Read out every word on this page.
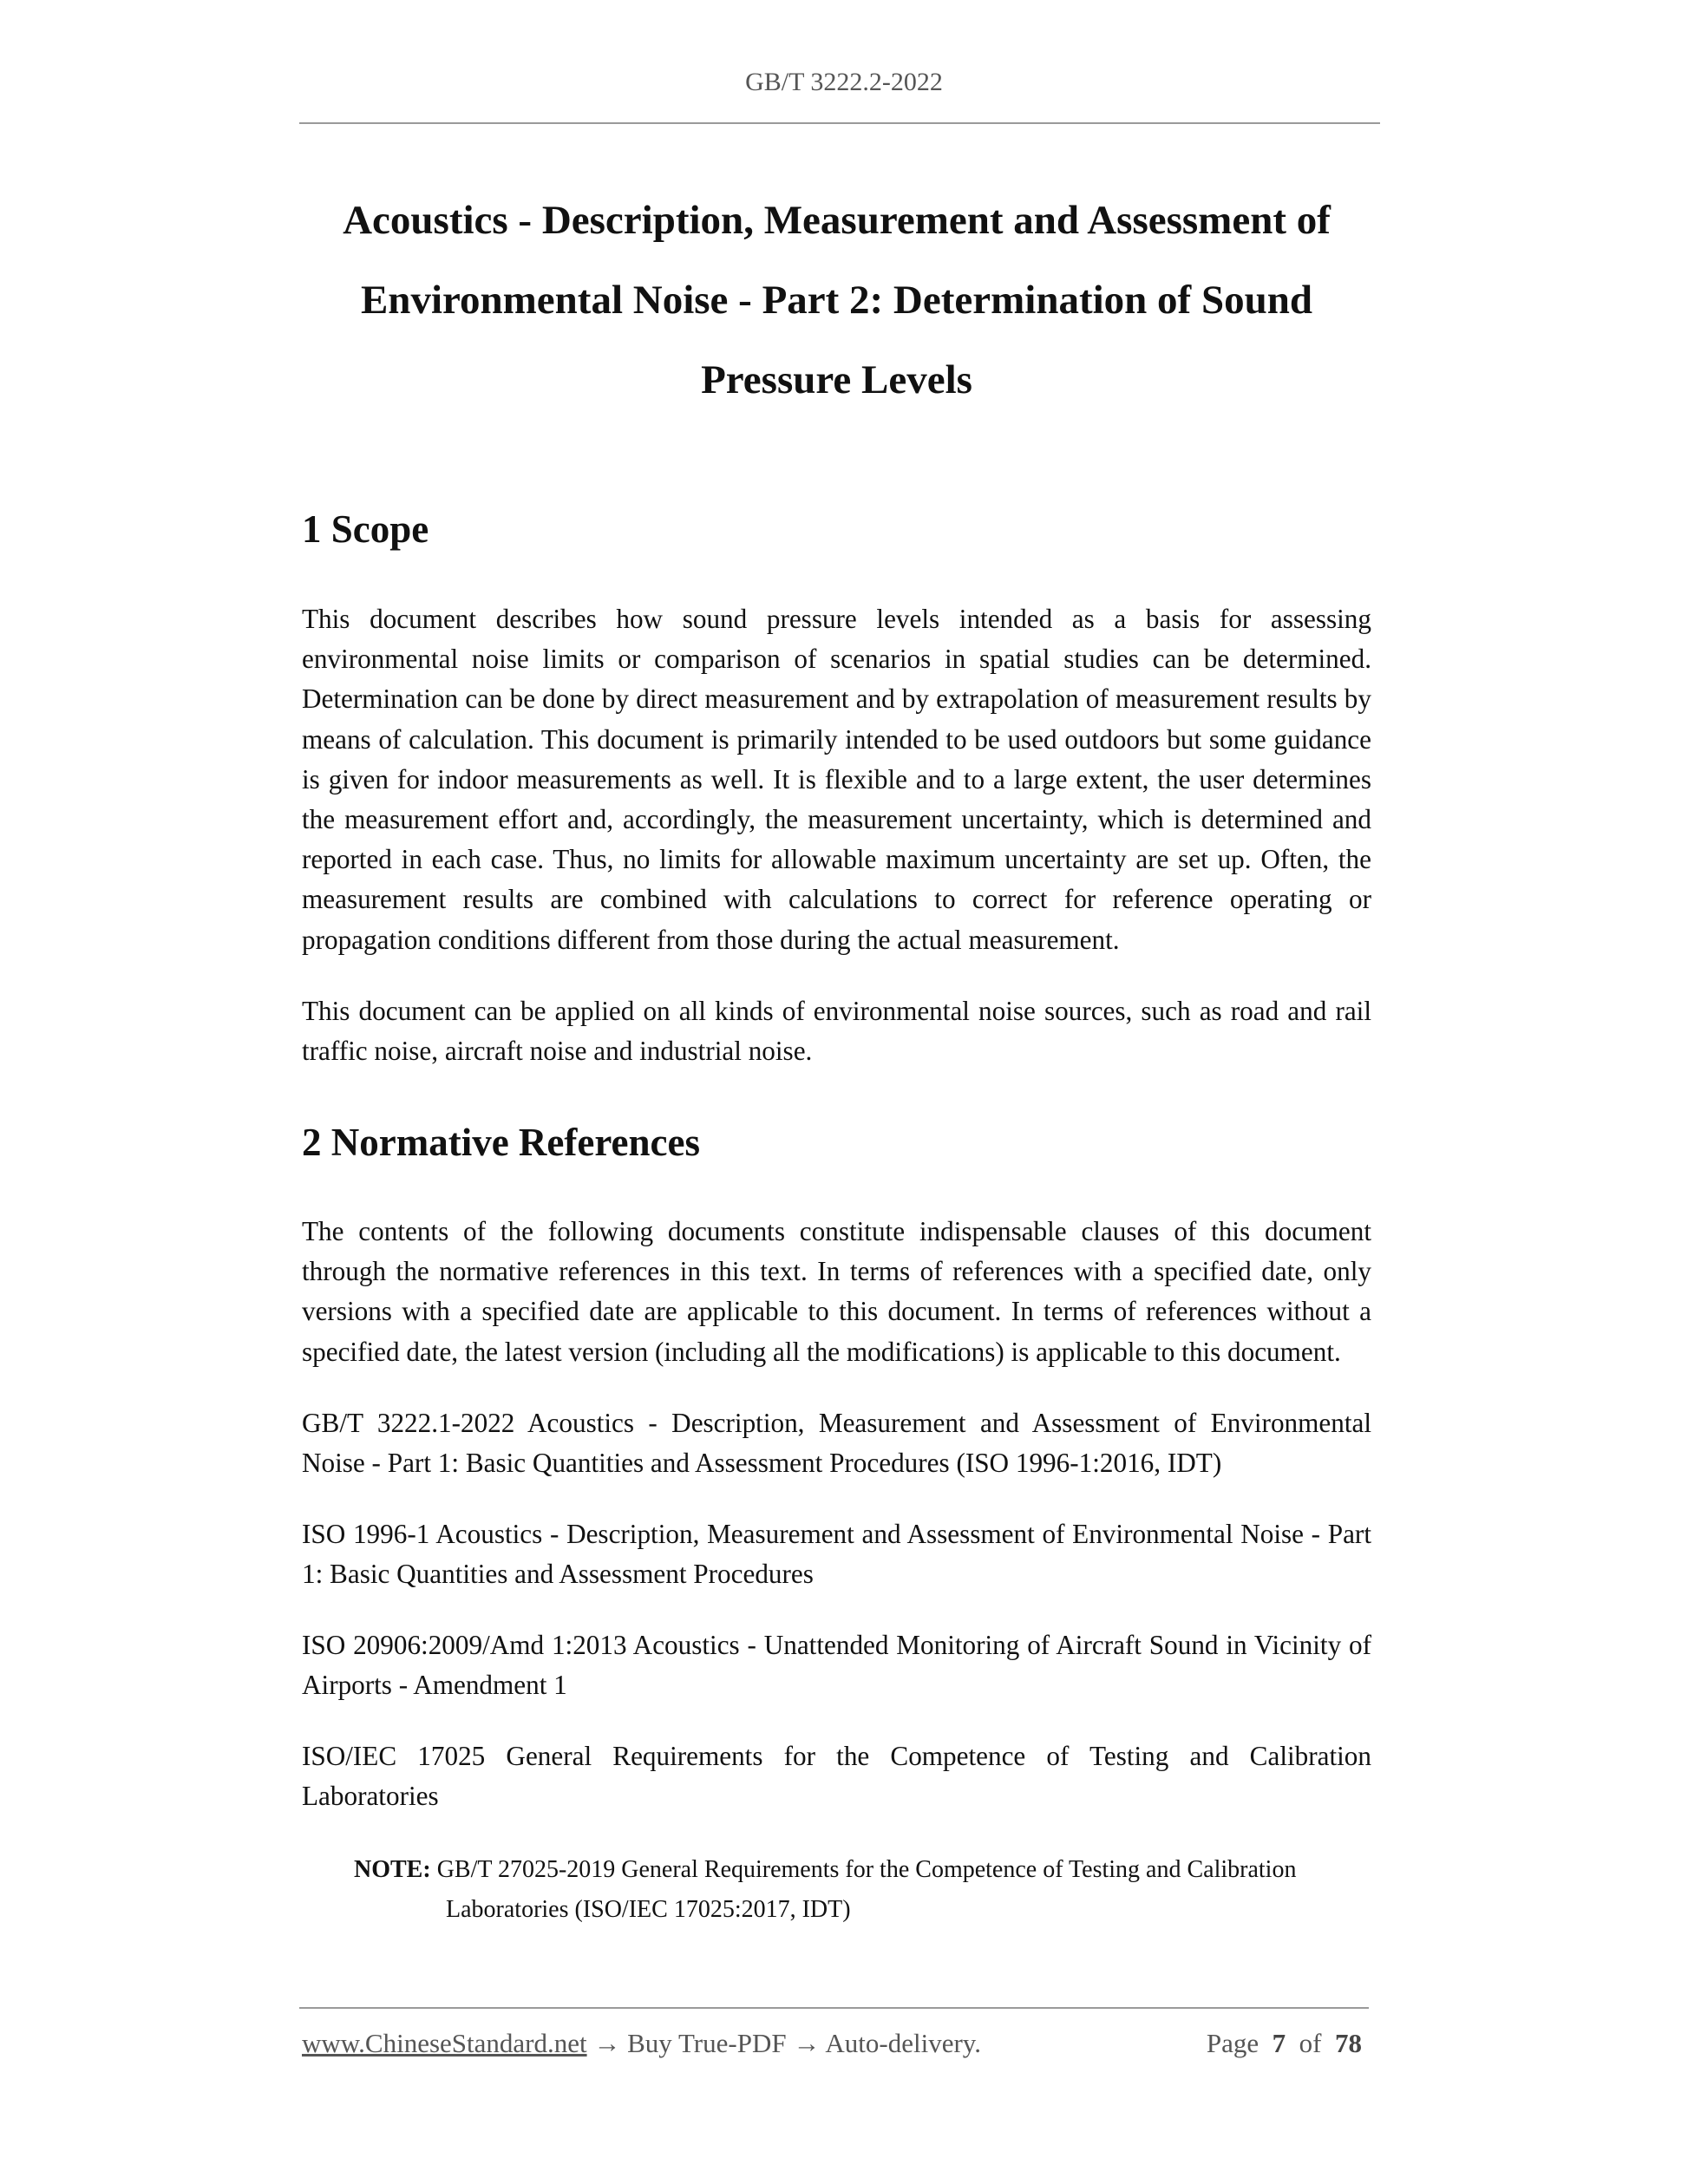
GB/T 3222.2-2022
Acoustics - Description, Measurement and Assessment of
Environmental Noise - Part 2: Determination of Sound
Pressure Levels
1 Scope

This document describes how sound pressure levels intended as a basis for assessing environmental noise limits or comparison of scenarios in spatial studies can be determined. Determination can be done by direct measurement and by extrapolation of measurement results by means of calculation. This document is primarily intended to be used outdoors but some guidance is given for indoor measurements as well. It is flexible and to a large extent, the user determines the measurement effort and, accordingly, the measurement uncertainty, which is determined and reported in each case. Thus, no limits for allowable maximum uncertainty are set up. Often, the measurement results are combined with calculations to correct for reference operating or propagation conditions different from those during the actual measurement.

This document can be applied on all kinds of environmental noise sources, such as road and rail traffic noise, aircraft noise and industrial noise.

2 Normative References

The contents of the following documents constitute indispensable clauses of this document through the normative references in this text. In terms of references with a specified date, only versions with a specified date are applicable to this document. In terms of references without a specified date, the latest version (including all the modifications) is applicable to this document.

GB/T 3222.1-2022 Acoustics - Description, Measurement and Assessment of Environmental Noise - Part 1: Basic Quantities and Assessment Procedures (ISO 1996-1:2016, IDT)

ISO 1996-1 Acoustics - Description, Measurement and Assessment of Environmental Noise - Part 1: Basic Quantities and Assessment Procedures

ISO 20906:2009/Amd 1:2013 Acoustics - Unattended Monitoring of Aircraft Sound in Vicinity of Airports - Amendment 1

ISO/IEC 17025 General Requirements for the Competence of Testing and Calibration Laboratories

NOTE: GB/T 27025-2019 General Requirements for the Competence of Testing and Calibration
Laboratories (ISO/IEC 17025:2017, IDT)
www.ChineseStandard.net → Buy True-PDF → Auto-delivery.	Page 7 of 78
